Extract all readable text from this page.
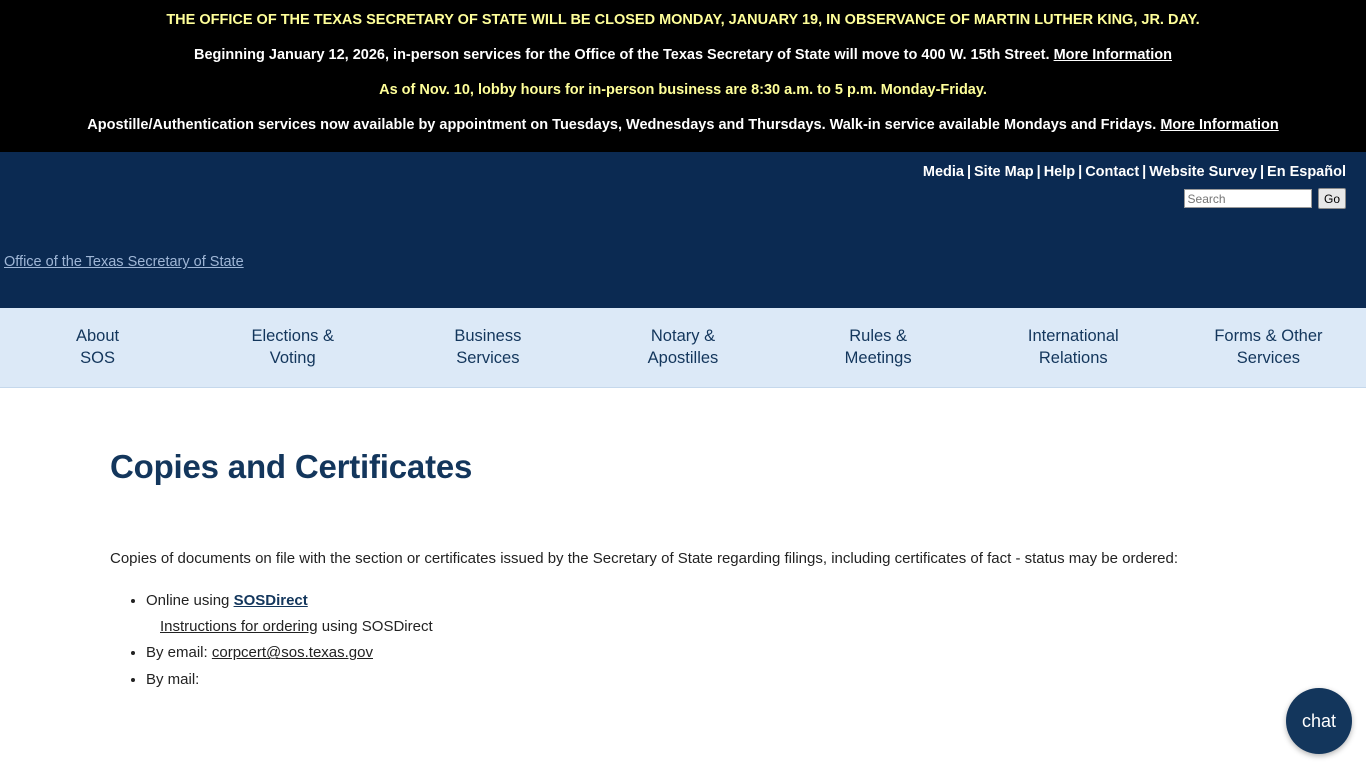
THE OFFICE OF THE TEXAS SECRETARY OF STATE WILL BE CLOSED MONDAY, JANUARY 19, IN OBSERVANCE OF MARTIN LUTHER KING, JR. DAY.

Beginning January 12, 2026, in-person services for the Office of the Texas Secretary of State will move to 400 W. 15th Street. More Information

As of Nov. 10, lobby hours for in-person business are 8:30 a.m. to 5 p.m. Monday-Friday.

Apostille/Authentication services now available by appointment on Tuesdays, Wednesdays and Thursdays. Walk-in service available Mondays and Fridays. More Information

Media | Site Map | Help | Contact | Website Survey | En Español
Search Go
Office of the Texas Secretary of State
About
SOS
Elections &
Voting
Business
Services
Notary &
Apostilles
Rules &
Meetings
International
Relations
Forms & Other
Services
Copies and Certificates

Copies of documents on file with the section or certificates issued by the Secretary of State regarding filings, including certificates of fact - status may be ordered:

• Online using SOSDirect
Instructions for ordering using SOSDirect
• By email: corpcert@sos.texas.gov
• By mail:
chat
